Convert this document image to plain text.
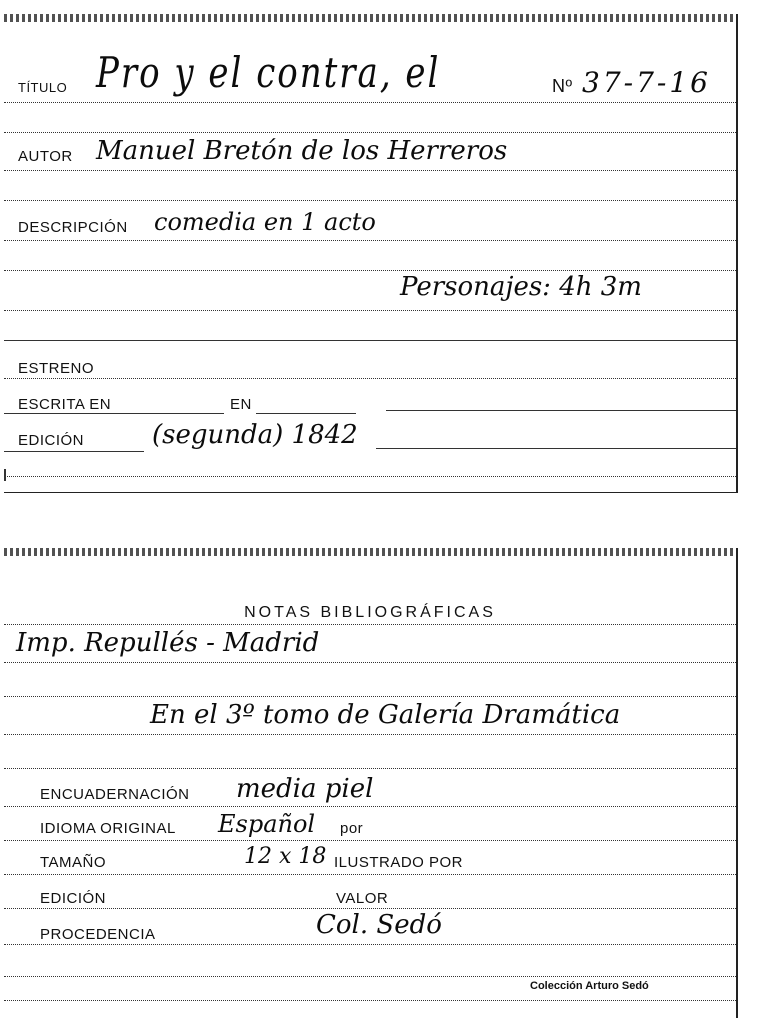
TÍTULO Pro y el contra, el	Nº 37-7-16
AUTOR Manuel Bretón de los Herreros
DESCRIPCIÓN comedia en 1 acto
Personajes: 4h 3m
ESTRENO
ESCRITA EN	EN
EDICIÓN	(segunda) 1842
NOTAS BIBLIOGRÁFICAS
Imp. Repullés - Madrid
En el 3º tomo de Galería Dramática
ENCUADERNACIÓN media piel
IDIOMA ORIGINAL Español por
TAMAÑO	12 x 18 ILUSTRADO POR
EDICIÓN	VALOR
PROCEDENCIA	Col. Sedó
Colección Arturo Sedó
